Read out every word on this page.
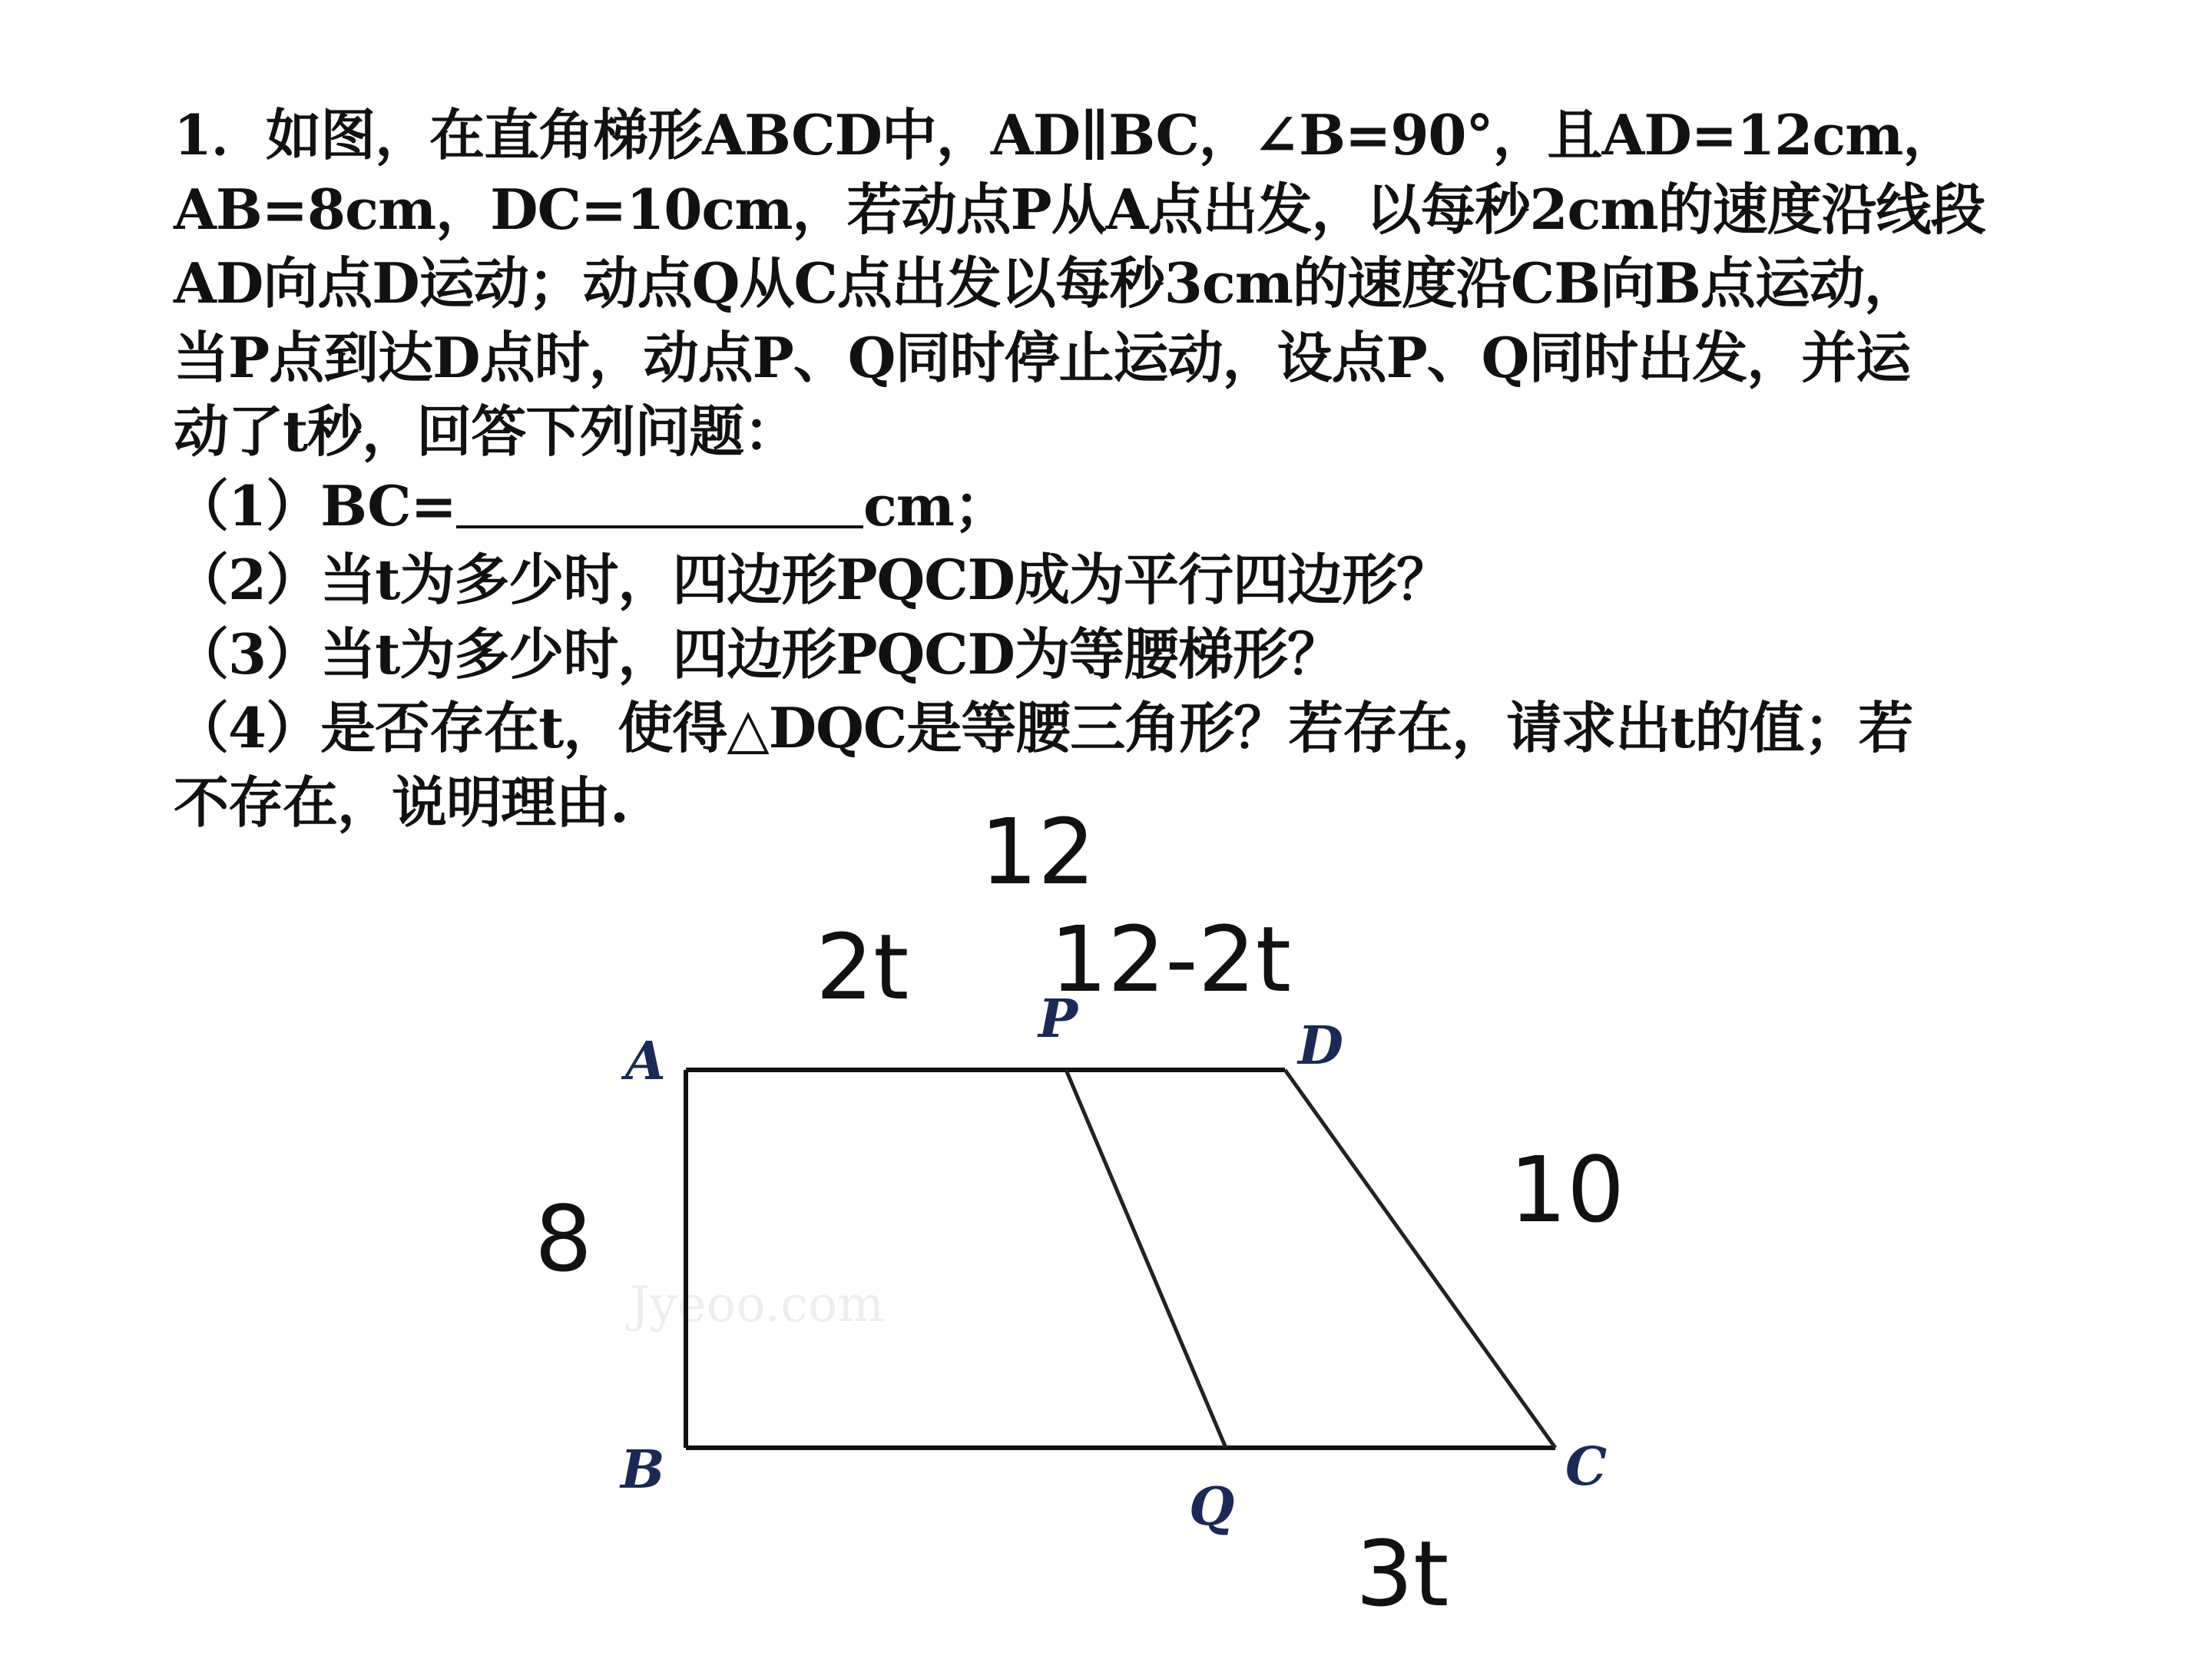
1．如图，在直角梯形ABCD中，AD∥BC，∠B=90°，且AD=12cm，
AB=8cm，DC=10cm，若动点P从A点出发，以每秒2cm的速度沿线段
AD向点D运动；动点Q从C点出发以每秒3cm的速度沿CB向B点运动，
当P点到达D点时，动点P、Q同时停止运动，设点P、Q同时出发，并运
动了t秒，回答下列问题：
（1）BC=	cm；
（2）当t为多少时，四边形PQCD成为平行四边形？
（3）当t为多少时，四边形PQCD为等腰梯形？
（4）是否存在t，使得△DQC是等腰三角形？若存在，请求出t的值；若
不存在，说明理由.
Jyeoo.com
A
B	C
D
P
Q
12
2t 12-2t
8	10
3t
